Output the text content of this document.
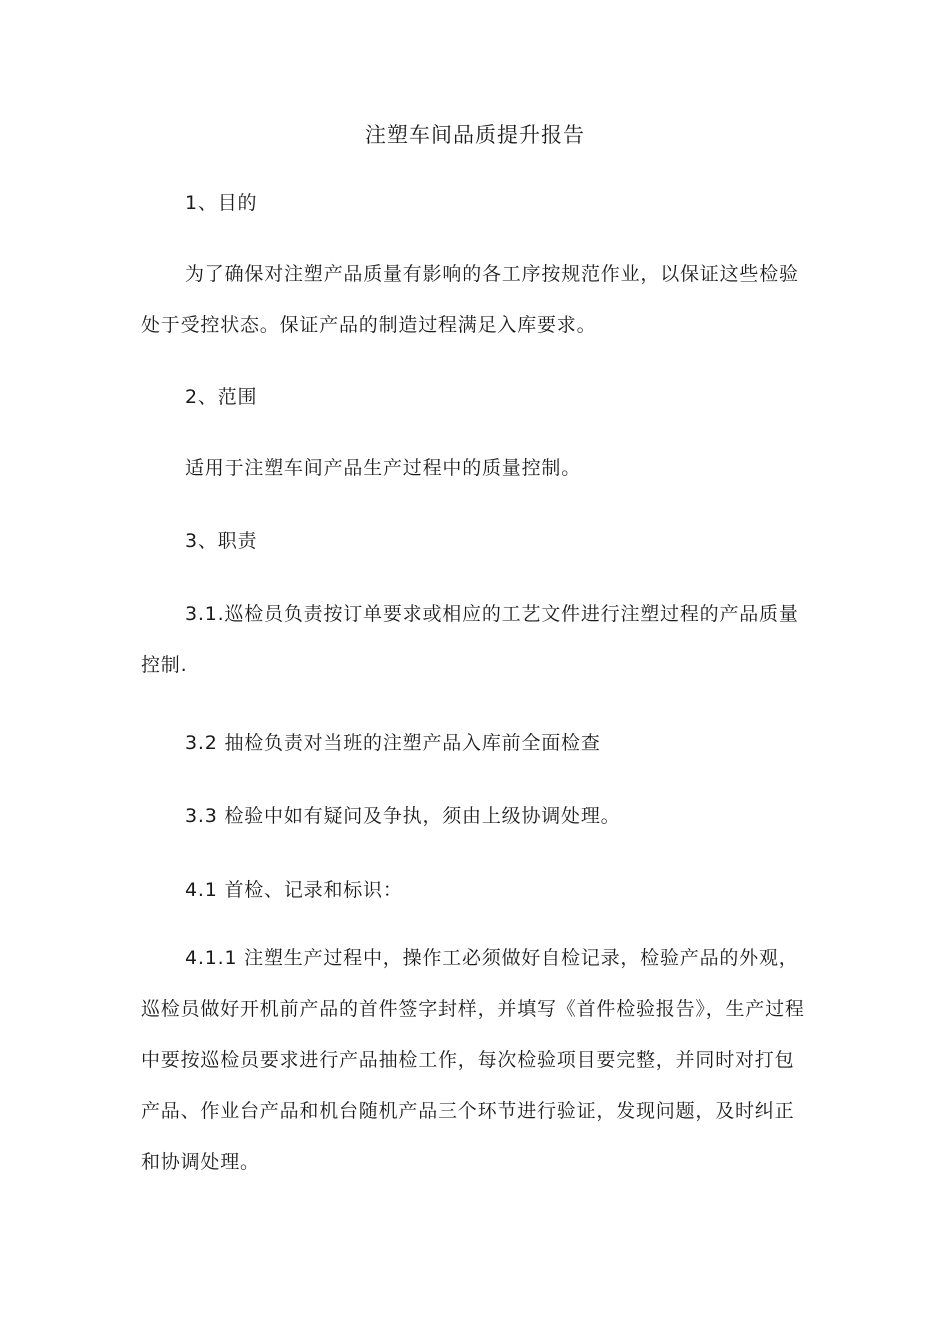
注塑车间品质提升报告

1、目的

为了确保对注塑产品质量有影响的各工序按规范作业，以保证这些检验处于受控状态。保证产品的制造过程满足入库要求。

2、范围

适用于注塑车间产品生产过程中的质量控制。

3、职责

3.1.巡检员负责按订单要求或相应的工艺文件进行注塑过程的产品质量控制.

3.2 抽检负责对当班的注塑产品入库前全面检查

3.3 检验中如有疑问及争执，须由上级协调处理。

4.1 首检、记录和标识：

4.1.1 注塑生产过程中，操作工必须做好自检记录，检验产品的外观，巡检员做好开机前产品的首件签字封样，并填写《首件检验报告》，生产过程中要按巡检员要求进行产品抽检工作，每次检验项目要完整，并同时对打包产品、作业台产品和机台随机产品三个环节进行验证，发现问题，及时纠正和协调处理。
